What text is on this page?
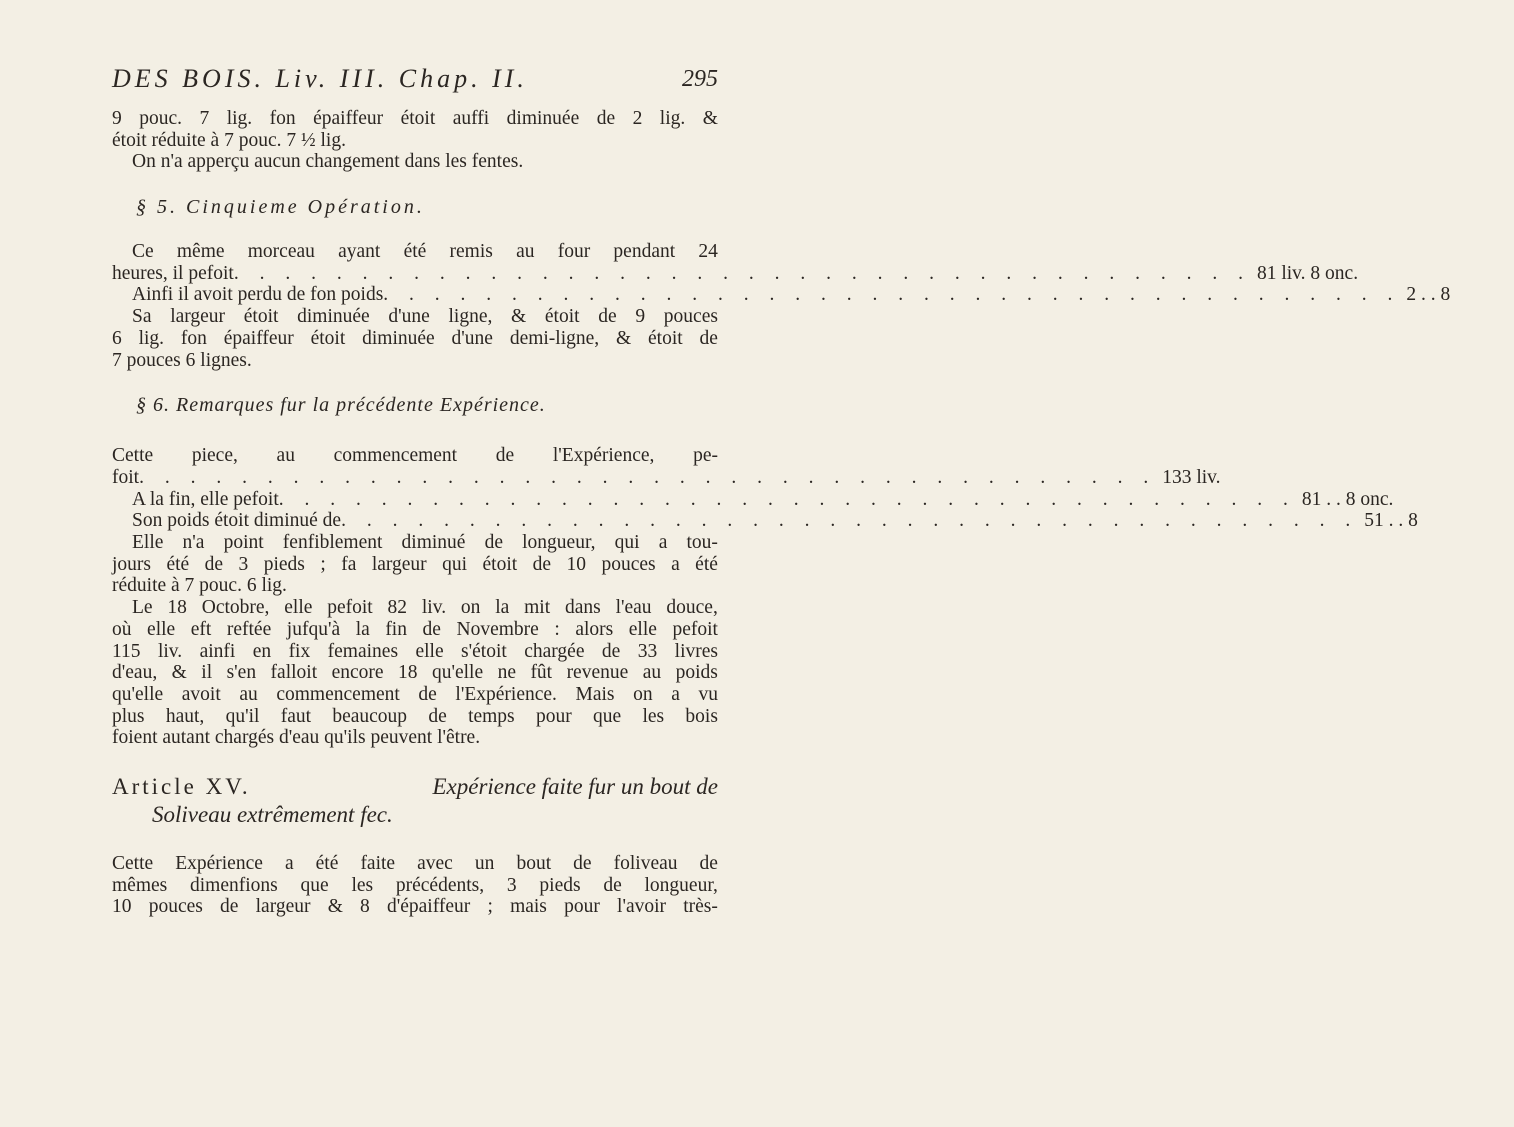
DES BOIS. Liv. III. Chap. II.	295
9 pouc. 7 lig. fon épaiffeur étoit auffi diminuée de 2 lig. &
étoit réduite à 7 pouc. 7 ½ lig.
On n'a apperçu aucun changement dans les fentes.
§ 5. Cinquieme Opération.
Ce même morceau ayant été remis au four pendant 24
heures, il pefoit . . . . . . . . . . . . . . . . . . . . . . . . . . . . . . . . . . . . . . . . 81 liv. 8 onc.
Ainfi il avoit perdu de fon poids . . . . . . . . . . . . . . . . . . . . . . . . . . . . . . . . . . . . . . . . 2 . . 8
Sa largeur étoit diminuée d'une ligne, & étoit de 9 pouces
6 lig. fon épaiffeur étoit diminuée d'une demi-ligne, & étoit de
7 pouces 6 lignes.
§ 6. Remarques fur la précédente Expérience.
Cette piece, au commencement de l'Expérience, pe-
foit . . . . . . . . . . . . . . . . . . . . . . . . . . . . . . . . . . . . . . . . 133 liv.
A la fin, elle pefoit . . . . . . . . . . . . . . . . . . . . . . . . . . . . . . . . . . . . . . . . 81 . . 8 onc.
Son poids étoit diminué de . . . . . . . . . . . . . . . . . . . . . . . . . . . . . . . . . . . . . . . . 51 . . 8
Elle n'a point fenfiblement diminué de longueur, qui a tou-
jours été de 3 pieds ; fa largeur qui étoit de 10 pouces a été
réduite à 7 pouc. 6 lig.
Le 18 Octobre, elle pefoit 82 liv. on la mit dans l'eau douce,
où elle eft reftée jufqu'à la fin de Novembre : alors elle pefoit
115 liv. ainfi en fix femaines elle s'étoit chargée de 33 livres
d'eau, & il s'en falloit encore 18 qu'elle ne fût revenue au poids
qu'elle avoit au commencement de l'Expérience. Mais on a vu
plus haut, qu'il faut beaucoup de temps pour que les bois
foient autant chargés d'eau qu'ils peuvent l'être.
Article XV.	Expérience faite fur un bout de
Soliveau extrêmement fec.
Cette Expérience a été faite avec un bout de foliveau de
mêmes dimenfions que les précédents, 3 pieds de longueur,
10 pouces de largeur & 8 d'épaiffeur ; mais pour l'avoir très-
